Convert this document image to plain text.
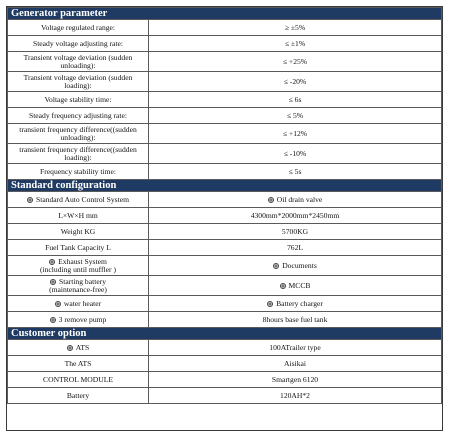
Generator parameter	
Voltage regulated range:	≥ ±5%
Steady voltage adjusting rate:	≤ ±1%
Transient voltage deviation (sudden
unloading):	≤ +25%
Transient voltage deviation (sudden
loading):	≤ -20%
Voltage stability time:	≤ 6s
Steady frequency adjusting rate:	≤ 5%
transient frequency difference((sudden
unloading):	≤ +12%
transient frequency difference((sudden
loading):	≤ -10%
Frequency stability time:	≤ 5s
Standard configuration	
Standard Auto Control System	Oil drain valve
L×W×H mm	4300mm*2000mm*2450mm
Weight KG	5700KG
Fuel Tank Capacity L	762L
Exhaust System
(including until muffler )	Documents
Starting battery
(maintenance-free)	MCCB
water heater	Battery charger
3 remove pump	8hours base fuel tank
Customer option	
ATS	100ATrailer type
The ATS	Aisikai
CONTROL MODULE	Smartgen 6120
Battery	120AH*2
